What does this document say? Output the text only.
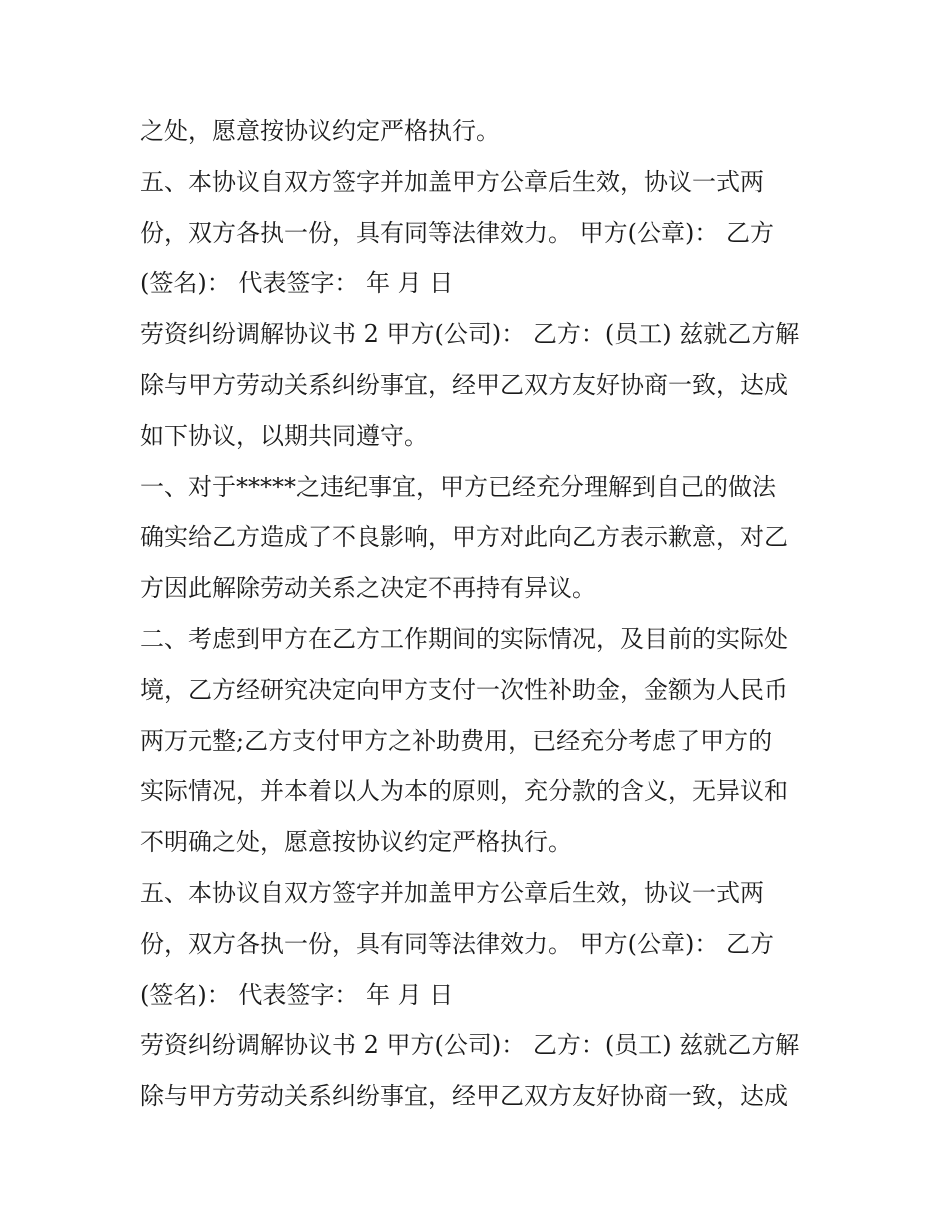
之处，愿意按协议约定严格执行。
五、本协议自双方签字并加盖甲方公章后生效，协议一式两
份，双方各执一份，具有同等法律效力。 甲方(公章)： 乙方
(签名)： 代表签字： 年 月 日
劳资纠纷调解协议书 2 甲方(公司)： 乙方：(员工) 兹就乙方解
除与甲方劳动关系纠纷事宜，经甲乙双方友好协商一致，达成
如下协议，以期共同遵守。
一、对于*****之违纪事宜，甲方已经充分理解到自己的做法
确实给乙方造成了不良影响，甲方对此向乙方表示歉意，对乙
方因此解除劳动关系之决定不再持有异议。
二、考虑到甲方在乙方工作期间的实际情况，及目前的实际处
境，乙方经研究决定向甲方支付一次性补助金，金额为人民币
两万元整;乙方支付甲方之补助费用，已经充分考虑了甲方的
实际情况，并本着以人为本的原则，充分款的含义，无异议和
不明确之处，愿意按协议约定严格执行。
五、本协议自双方签字并加盖甲方公章后生效，协议一式两
份，双方各执一份，具有同等法律效力。 甲方(公章)： 乙方
(签名)： 代表签字： 年 月 日
劳资纠纷调解协议书 2 甲方(公司)： 乙方：(员工) 兹就乙方解
除与甲方劳动关系纠纷事宜，经甲乙双方友好协商一致，达成
